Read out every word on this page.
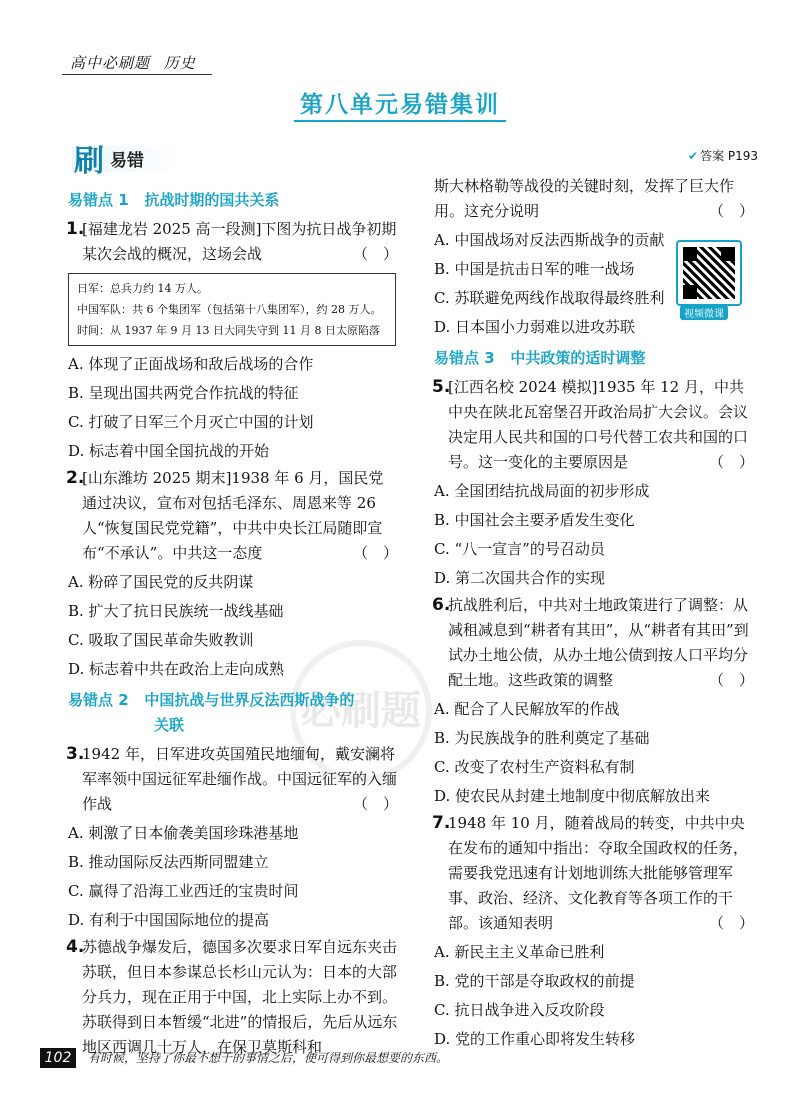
高中必刷题 历史
第八单元易错集训
刷 易错	✔ 答案 P193
必刷题
易错点 1 抗战时期的国共关系
1.
[福建龙岩 2025 高一段测]下图为抗日战争初期某次会战的概况，这场会战	（　）
日军：总兵力约 14 万人。
中国军队：共 6 个集团军（包括第十八集团军），约 28 万人。
时间：从 1937 年 9 月 13 日大同失守到 11 月 8 日太原陷落
A. 体现了正面战场和敌后战场的合作
B. 呈现出国共两党合作抗战的特征
C. 打破了日军三个月灭亡中国的计划
D. 标志着中国全国抗战的开始
2.
[山东潍坊 2025 期末]1938 年 6 月，国民党通过决议，宣布对包括毛泽东、周恩来等 26 人“恢复国民党党籍”，中共中央长江局随即宣布“不承认”。中共这一态度	（　）
A. 粉碎了国民党的反共阴谋
B. 扩大了抗日民族统一战线基础
C. 吸取了国民革命失败教训
D. 标志着中共在政治上走向成熟
易错点 2 中国抗战与世界反法西斯战争的
关联
3.
1942 年，日军进攻英国殖民地缅甸，戴安澜将军率领中国远征军赴缅作战。中国远征军的入缅作战	（　）
A. 刺激了日本偷袭美国珍珠港基地
B. 推动国际反法西斯同盟建立
C. 赢得了沿海工业西迁的宝贵时间
D. 有利于中国国际地位的提高
4.
苏德战争爆发后，德国多次要求日军自远东夹击苏联，但日本参谋总长杉山元认为：日本的大部分兵力，现在正用于中国，北上实际上办不到。苏联得到日本暂缓“北进”的情报后，先后从远东地区西调几十万人，在保卫莫斯科和
斯大林格勒等战役的关键时刻，发挥了巨大作用。这充分说明	（　）
A. 中国战场对反法西斯战争的贡献
B. 中国是抗击日军的唯一战场
C. 苏联避免两线作战取得最终胜利
D. 日本国小力弱难以进攻苏联
易错点 3 中共政策的适时调整
5.
[江西名校 2024 模拟]1935 年 12 月，中共中央在陕北瓦窑堡召开政治局扩大会议。会议决定用人民共和国的口号代替工农共和国的口号。这一变化的主要原因是	（　）
A. 全国团结抗战局面的初步形成
B. 中国社会主要矛盾发生变化
C. “八一宣言”的号召动员
D. 第二次国共合作的实现
6.
抗战胜利后，中共对土地政策进行了调整：从减租减息到“耕者有其田”，从“耕者有其田”到试办土地公债，从办土地公债到按人口平均分配土地。这些政策的调整	（　）
A. 配合了人民解放军的作战
B. 为民族战争的胜利奠定了基础
C. 改变了农村生产资料私有制
D. 使农民从封建土地制度中彻底解放出来
7.
1948 年 10 月，随着战局的转变，中共中央在发布的通知中指出：夺取全国政权的任务，需要我党迅速有计划地训练大批能够管理军事、政治、经济、文化教育等各项工作的干部。该通知表明	（　）
A. 新民主主义革命已胜利
B. 党的干部是夺取政权的前提
C. 抗日战争进入反攻阶段
D. 党的工作重心即将发生转移
视频微课
102	有时候，坚持了你最不想干的事情之后，便可得到你最想要的东西。
